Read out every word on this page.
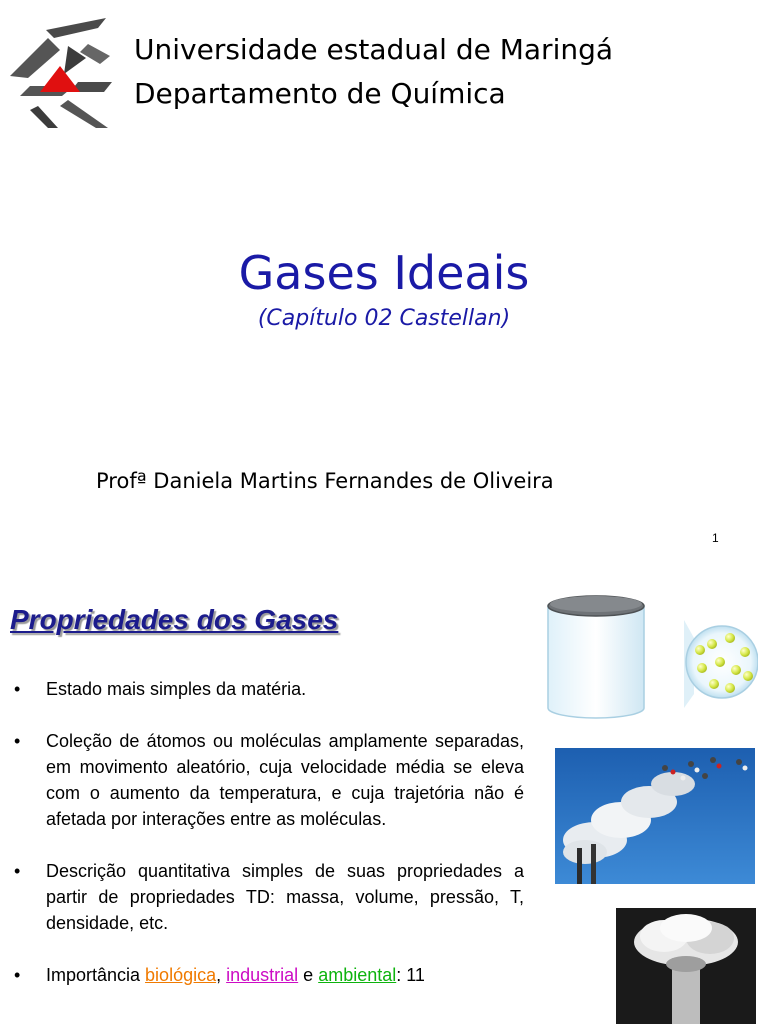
Universidade estadual de Maringá
Departamento de Química
Gases Ideais
(Capítulo 02 Castellan)
Profª Daniela Martins Fernandes de Oliveira
1
Propriedades dos Gases
• Estado mais simples da matéria.
• Coleção de átomos ou moléculas amplamente separadas, em movimento aleatório, cuja velocidade média se eleva com o aumento da temperatura, e cuja trajetória não é afetada por interações entre as moléculas.
• Descrição quantitativa simples de suas propriedades a partir de propriedades TD: massa, volume, pressão, T, densidade, etc.
• Importância biológica, industrial e ambiental: 11
